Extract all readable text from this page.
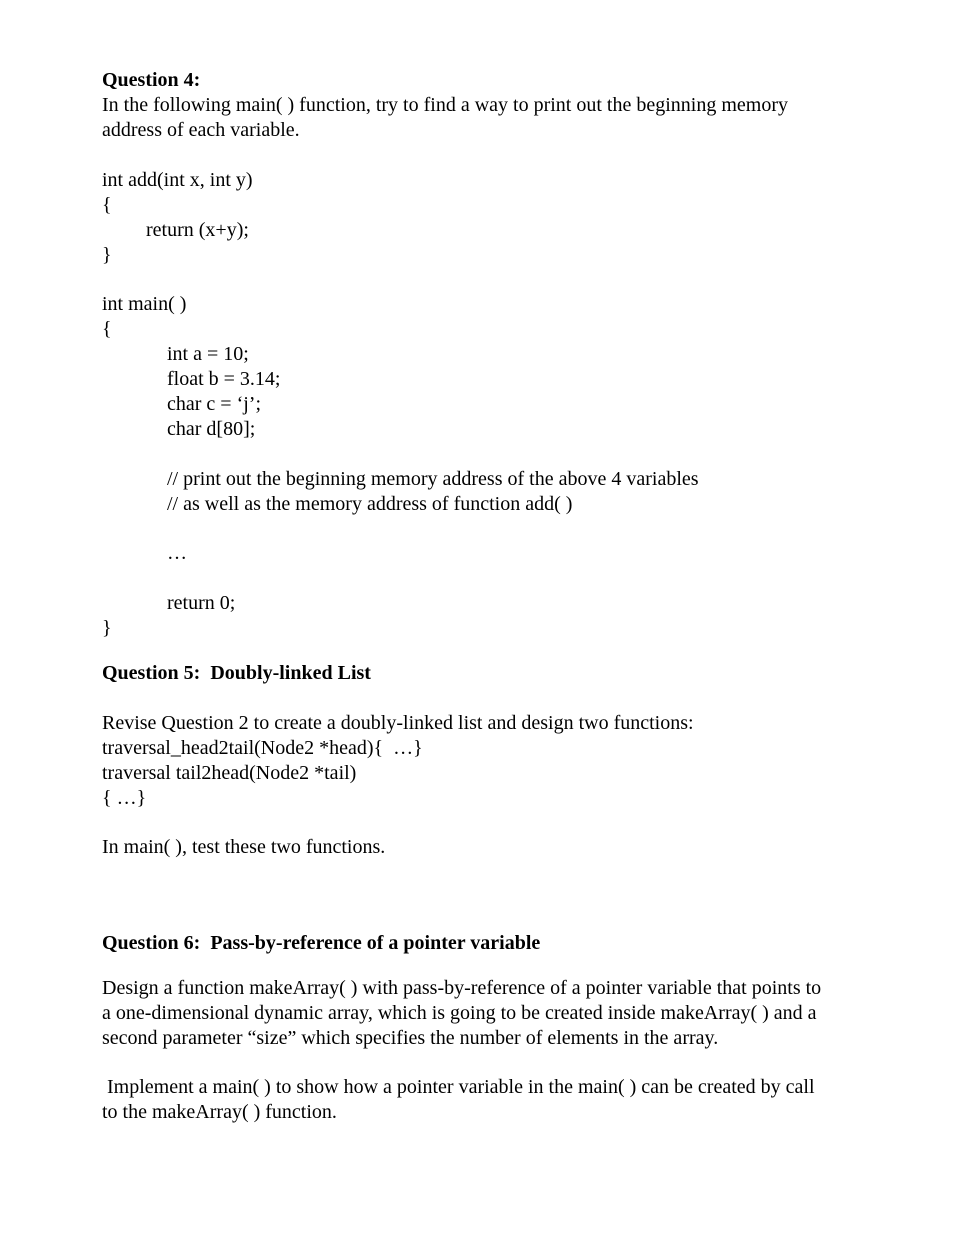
Question 4:
In the following main( ) function, try to find a way to print out the beginning memory
address of each variable.
int add(int x, int y)
{
return (x+y);
}
int main( )
{
int a = 10;
float b = 3.14;
char c = ‘j’;
char d[80];
// print out the beginning memory address of the above 4 variables
// as well as the memory address of function add( )
…
return 0;
}
Question 5:  Doubly-linked List
Revise Question 2 to create a doubly-linked list and design two functions:
traversal_head2tail(Node2 *head){  …}
traversal tail2head(Node2 *tail)
{ …}
In main( ), test these two functions.
Question 6:  Pass-by-reference of a pointer variable
Design a function makeArray( ) with pass-by-reference of a pointer variable that points to
a one-dimensional dynamic array, which is going to be created inside makeArray( ) and a
second parameter “size” which specifies the number of elements in the array.
Implement a main( ) to show how a pointer variable in the main( ) can be created by call
to the makeArray( ) function.
